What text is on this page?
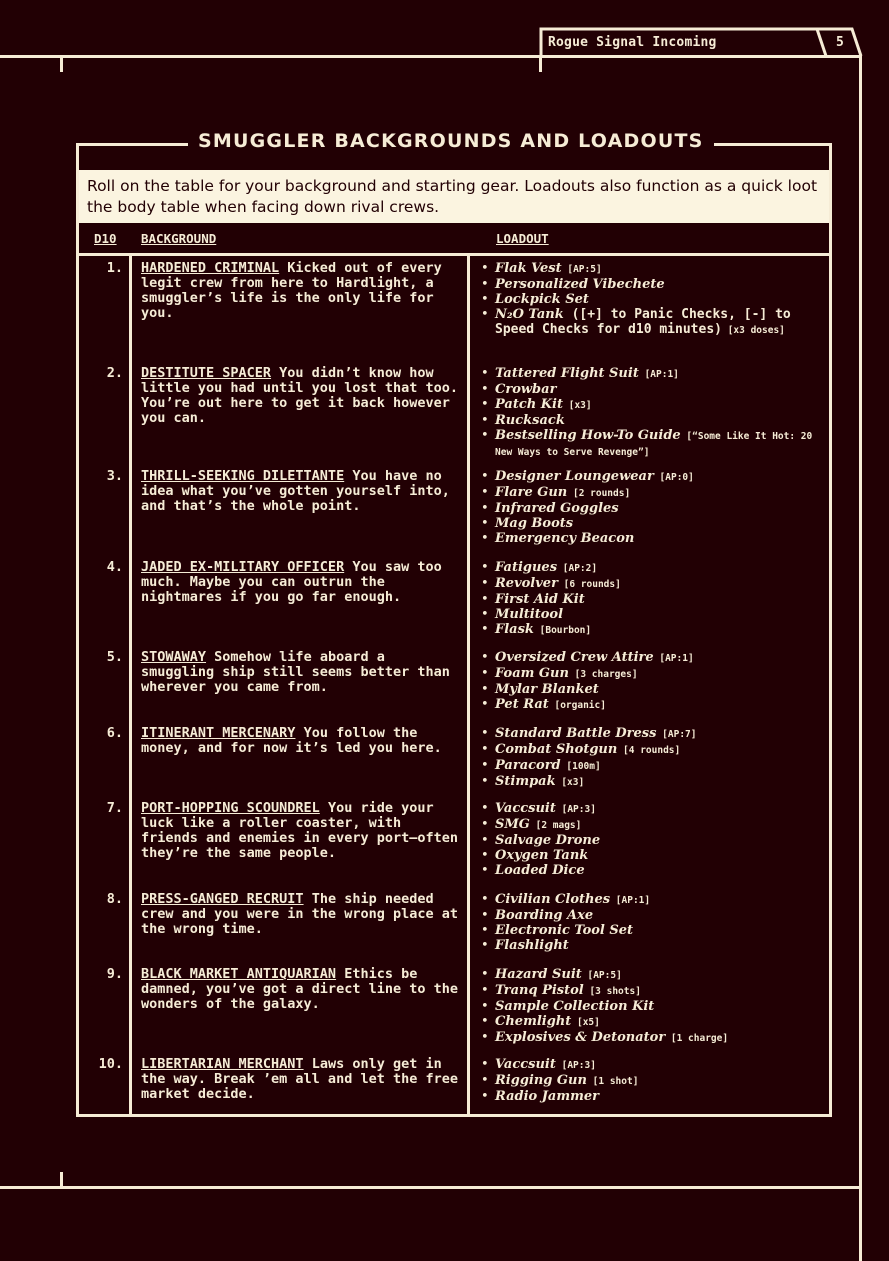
Rogue Signal Incoming	5
SMUGGLER BACKGROUNDS AND LOADOUTS
Roll on the table for your background and starting gear. Loadouts also function as a quick loot the body table when facing down rival crews.
D10 BACKGROUND	LOADOUT
1. HARDENED CRIMINAL Kicked out of every legit crew from here to Hardlight, a smuggler’s life is the only life for you.
• Flak Vest [AP:5]
• Personalized Vibechete
• Lockpick Set
• N₂O Tank ([+] to Panic Checks, [-] to Speed Checks for d10 minutes) [x3 doses]
2. DESTITUTE SPACER You didn’t know how little you had until you lost that too. You’re out here to get it back however you can.
• Tattered Flight Suit [AP:1]
• Crowbar
• Patch Kit [x3]
• Rucksack
• Bestselling How-To Guide [“Some Like It Hot: 20 New Ways to Serve Revenge”]
3. THRILL-SEEKING DILETTANTE You have no idea what you’ve gotten yourself into, and that’s the whole point.
• Designer Loungewear [AP:0]
• Flare Gun [2 rounds]
• Infrared Goggles
• Mag Boots
• Emergency Beacon
4. JADED EX-MILITARY OFFICER You saw too much. Maybe you can outrun the nightmares if you go far enough.
• Fatigues [AP:2]
• Revolver [6 rounds]
• First Aid Kit
• Multitool
• Flask [Bourbon]
5. STOWAWAY Somehow life aboard a smuggling ship still seems better than wherever you came from.
• Oversized Crew Attire [AP:1]
• Foam Gun [3 charges]
• Mylar Blanket
• Pet Rat [organic]
6. ITINERANT MERCENARY You follow the money, and for now it’s led you here.
• Standard Battle Dress [AP:7]
• Combat Shotgun [4 rounds]
• Paracord [100m]
• Stimpak [x3]
7. PORT-HOPPING SCOUNDREL You ride your luck like a roller coaster, with friends and enemies in every port—often they’re the same people.
• Vaccsuit [AP:3]
• SMG [2 mags]
• Salvage Drone
• Oxygen Tank
• Loaded Dice
8. PRESS-GANGED RECRUIT The ship needed crew and you were in the wrong place at the wrong time.
• Civilian Clothes [AP:1]
• Boarding Axe
• Electronic Tool Set
• Flashlight
9. BLACK MARKET ANTIQUARIAN Ethics be damned, you’ve got a direct line to the wonders of the galaxy.
• Hazard Suit [AP:5]
• Tranq Pistol [3 shots]
• Sample Collection Kit
• Chemlight [x5]
• Explosives & Detonator [1 charge]
10. LIBERTARIAN MERCHANT Laws only get in the way. Break ’em all and let the free market decide.
• Vaccsuit [AP:3]
• Rigging Gun [1 shot]
• Radio Jammer
